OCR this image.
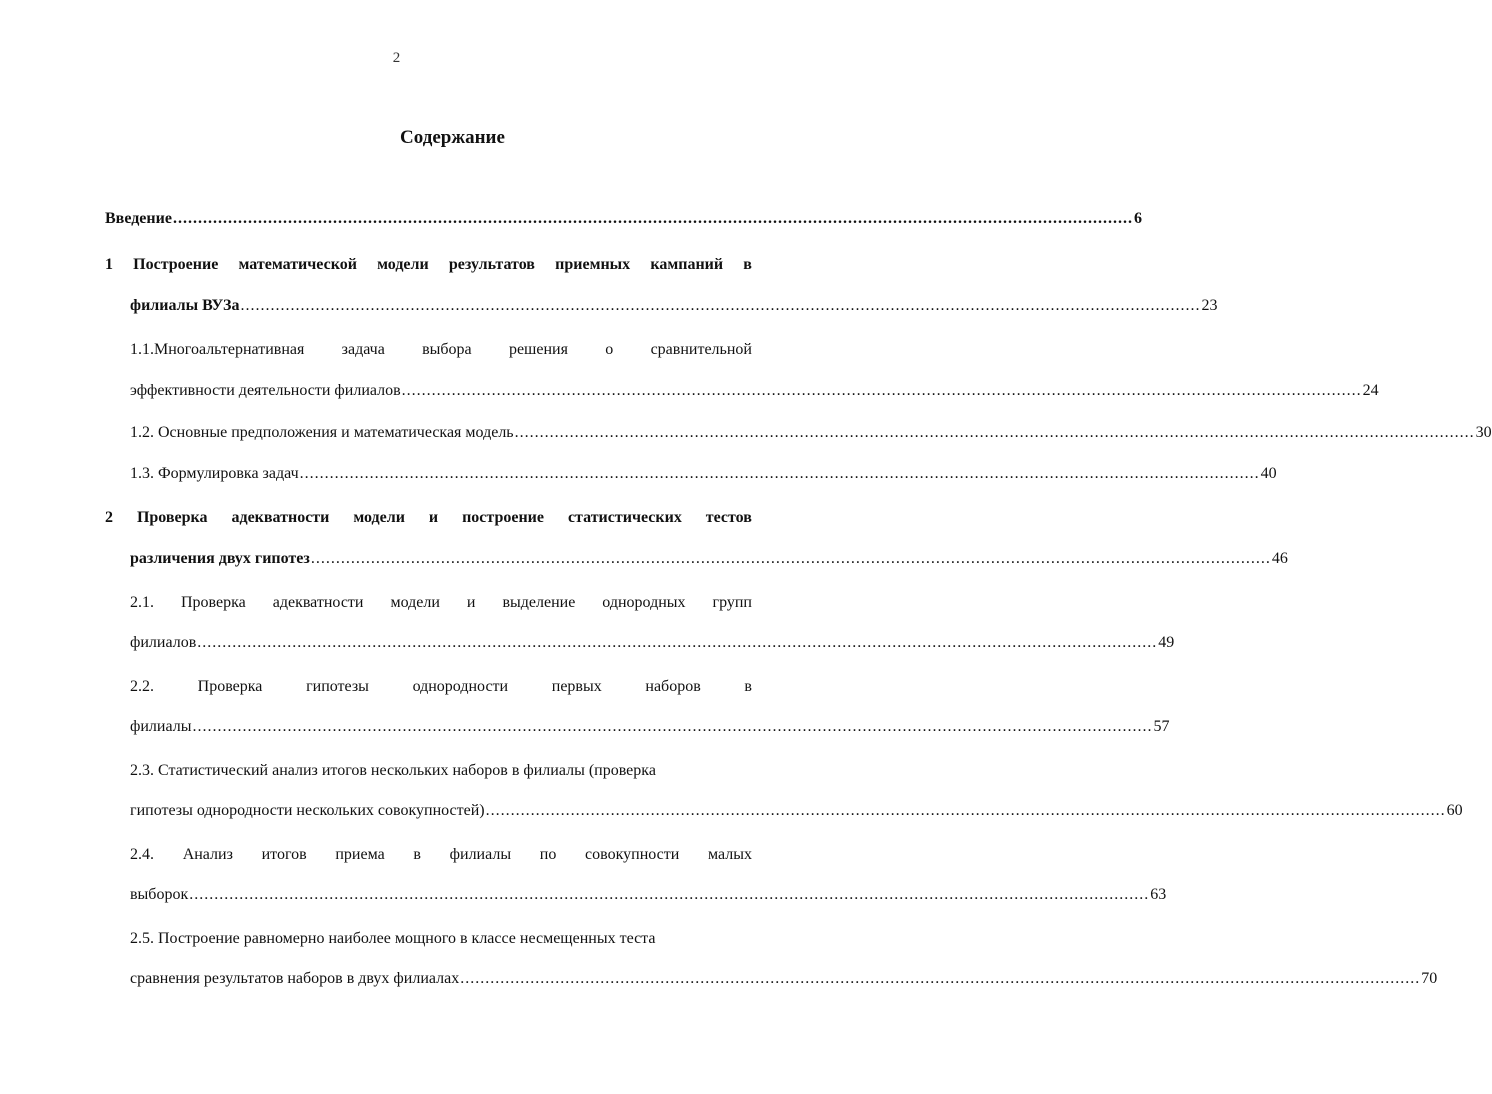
2
Содержание
Введение ................................................................................................................................................................................................ 6
1 Построение математической модели результатов приемных кампаний в
филиалы ВУЗа ................................................................................................................................................................................................ 23
1.1.Многоальтернативная задача выбора решения о сравнительной
эффективности деятельности филиалов ................................................................................................................................................................................................ 24
1.2. Основные предположения и математическая модель ................................................................................................................................................................................................ 30
1.3. Формулировка задач ................................................................................................................................................................................................ 40
2 Проверка адекватности модели и построение статистических тестов
различения двух гипотез ................................................................................................................................................................................................ 46
2.1. Проверка адекватности модели и выделение однородных групп
филиалов ................................................................................................................................................................................................ 49
2.2.	Проверка	гипотезы	однородности	первых	наборов	в
филиалы ................................................................................................................................................................................................ 57
2.3. Статистический анализ итогов нескольких наборов в филиалы (проверка
гипотезы однородности нескольких совокупностей) ................................................................................................................................................................................................ 60
2.4. Анализ итогов приема в филиалы по совокупности малых
выборок ................................................................................................................................................................................................ 63
2.5. Построение равномерно наиболее мощного в классе несмещенных теста
сравнения результатов наборов в двух филиалах ................................................................................................................................................................................................ 70
